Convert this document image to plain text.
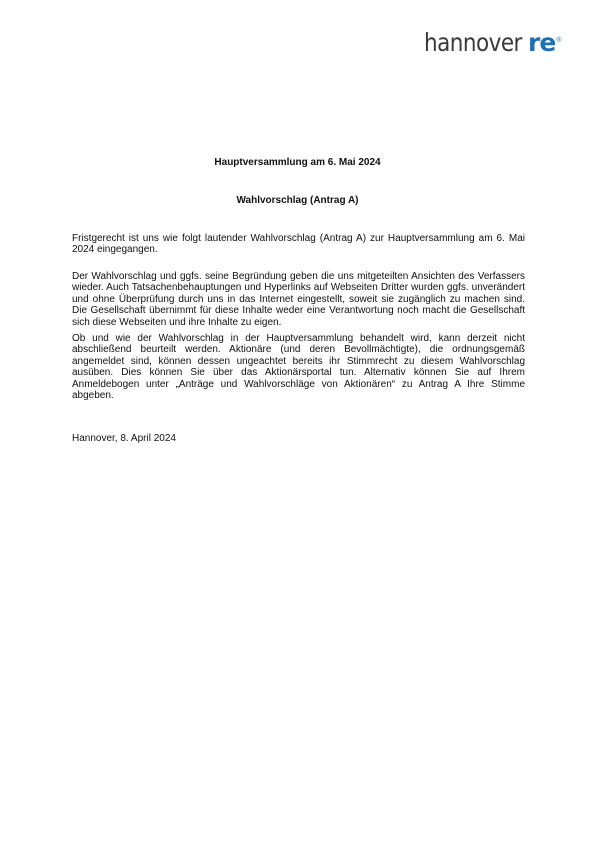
hannover re ®
Hauptversammlung am 6. Mai 2024
Wahlvorschlag (Antrag A)

Fristgerecht ist uns wie folgt lautender Wahlvorschlag (Antrag A) zur Hauptversammlung am 6. Mai 2024 eingegangen.

Der Wahlvorschlag und ggfs. seine Begründung geben die uns mitgeteilten Ansichten des Verfassers wieder. Auch Tatsachenbehauptungen und Hyperlinks auf Webseiten Dritter wurden ggfs. unverändert und ohne Überprüfung durch uns in das Internet eingestellt, soweit sie zugänglich zu machen sind. Die Gesellschaft übernimmt für diese Inhalte weder eine Verantwortung noch macht die Gesellschaft sich diese Webseiten und ihre Inhalte zu eigen.

Ob und wie der Wahlvorschlag in der Hauptversammlung behandelt wird, kann derzeit nicht abschließend beurteilt werden. Aktionäre (und deren Bevollmächtigte), die ordnungsgemäß angemeldet sind, können dessen ungeachtet bereits ihr Stimmrecht zu diesem Wahlvorschlag ausüben. Dies können Sie über das Aktionärsportal tun. Alternativ können Sie auf Ihrem Anmeldebogen unter „Anträge und Wahlvorschläge von Aktionären“ zu Antrag A Ihre Stimme abgeben.

Hannover, 8. April 2024
